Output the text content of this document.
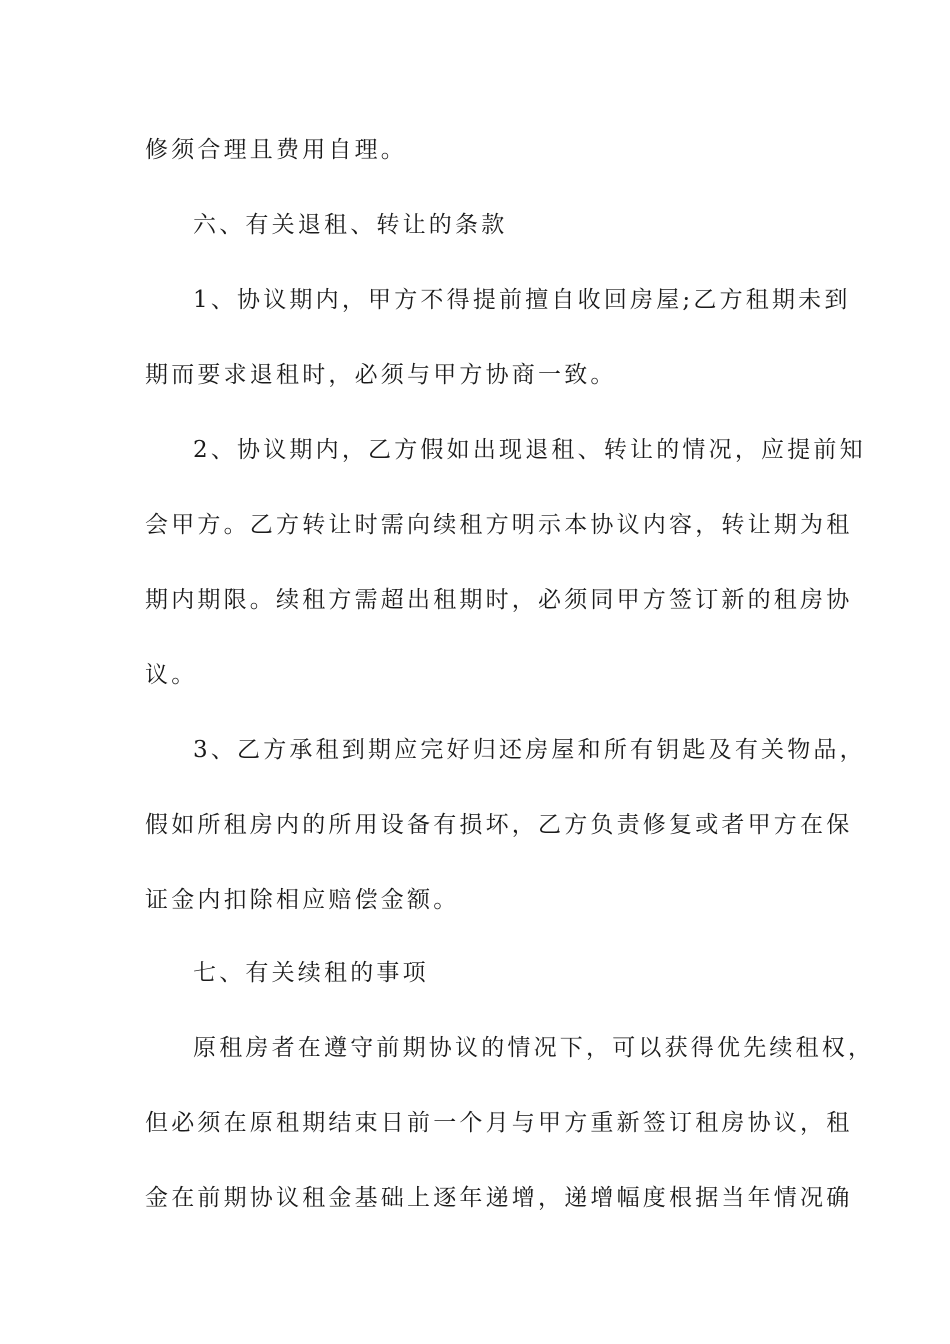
修须合理且费用自理。
六、有关退租、转让的条款
1、协议期内，甲方不得提前擅自收回房屋;乙方租期未到
期而要求退租时，必须与甲方协商一致。
2、协议期内，乙方假如出现退租、转让的情况，应提前知
会甲方。乙方转让时需向续租方明示本协议内容，转让期为租
期内期限。续租方需超出租期时，必须同甲方签订新的租房协
议。
3、乙方承租到期应完好归还房屋和所有钥匙及有关物品，
假如所租房内的所用设备有损坏，乙方负责修复或者甲方在保
证金内扣除相应赔偿金额。
七、有关续租的事项
原租房者在遵守前期协议的情况下，可以获得优先续租权，
但必须在原租期结束日前一个月与甲方重新签订租房协议，租
金在前期协议租金基础上逐年递增，递增幅度根据当年情况确
